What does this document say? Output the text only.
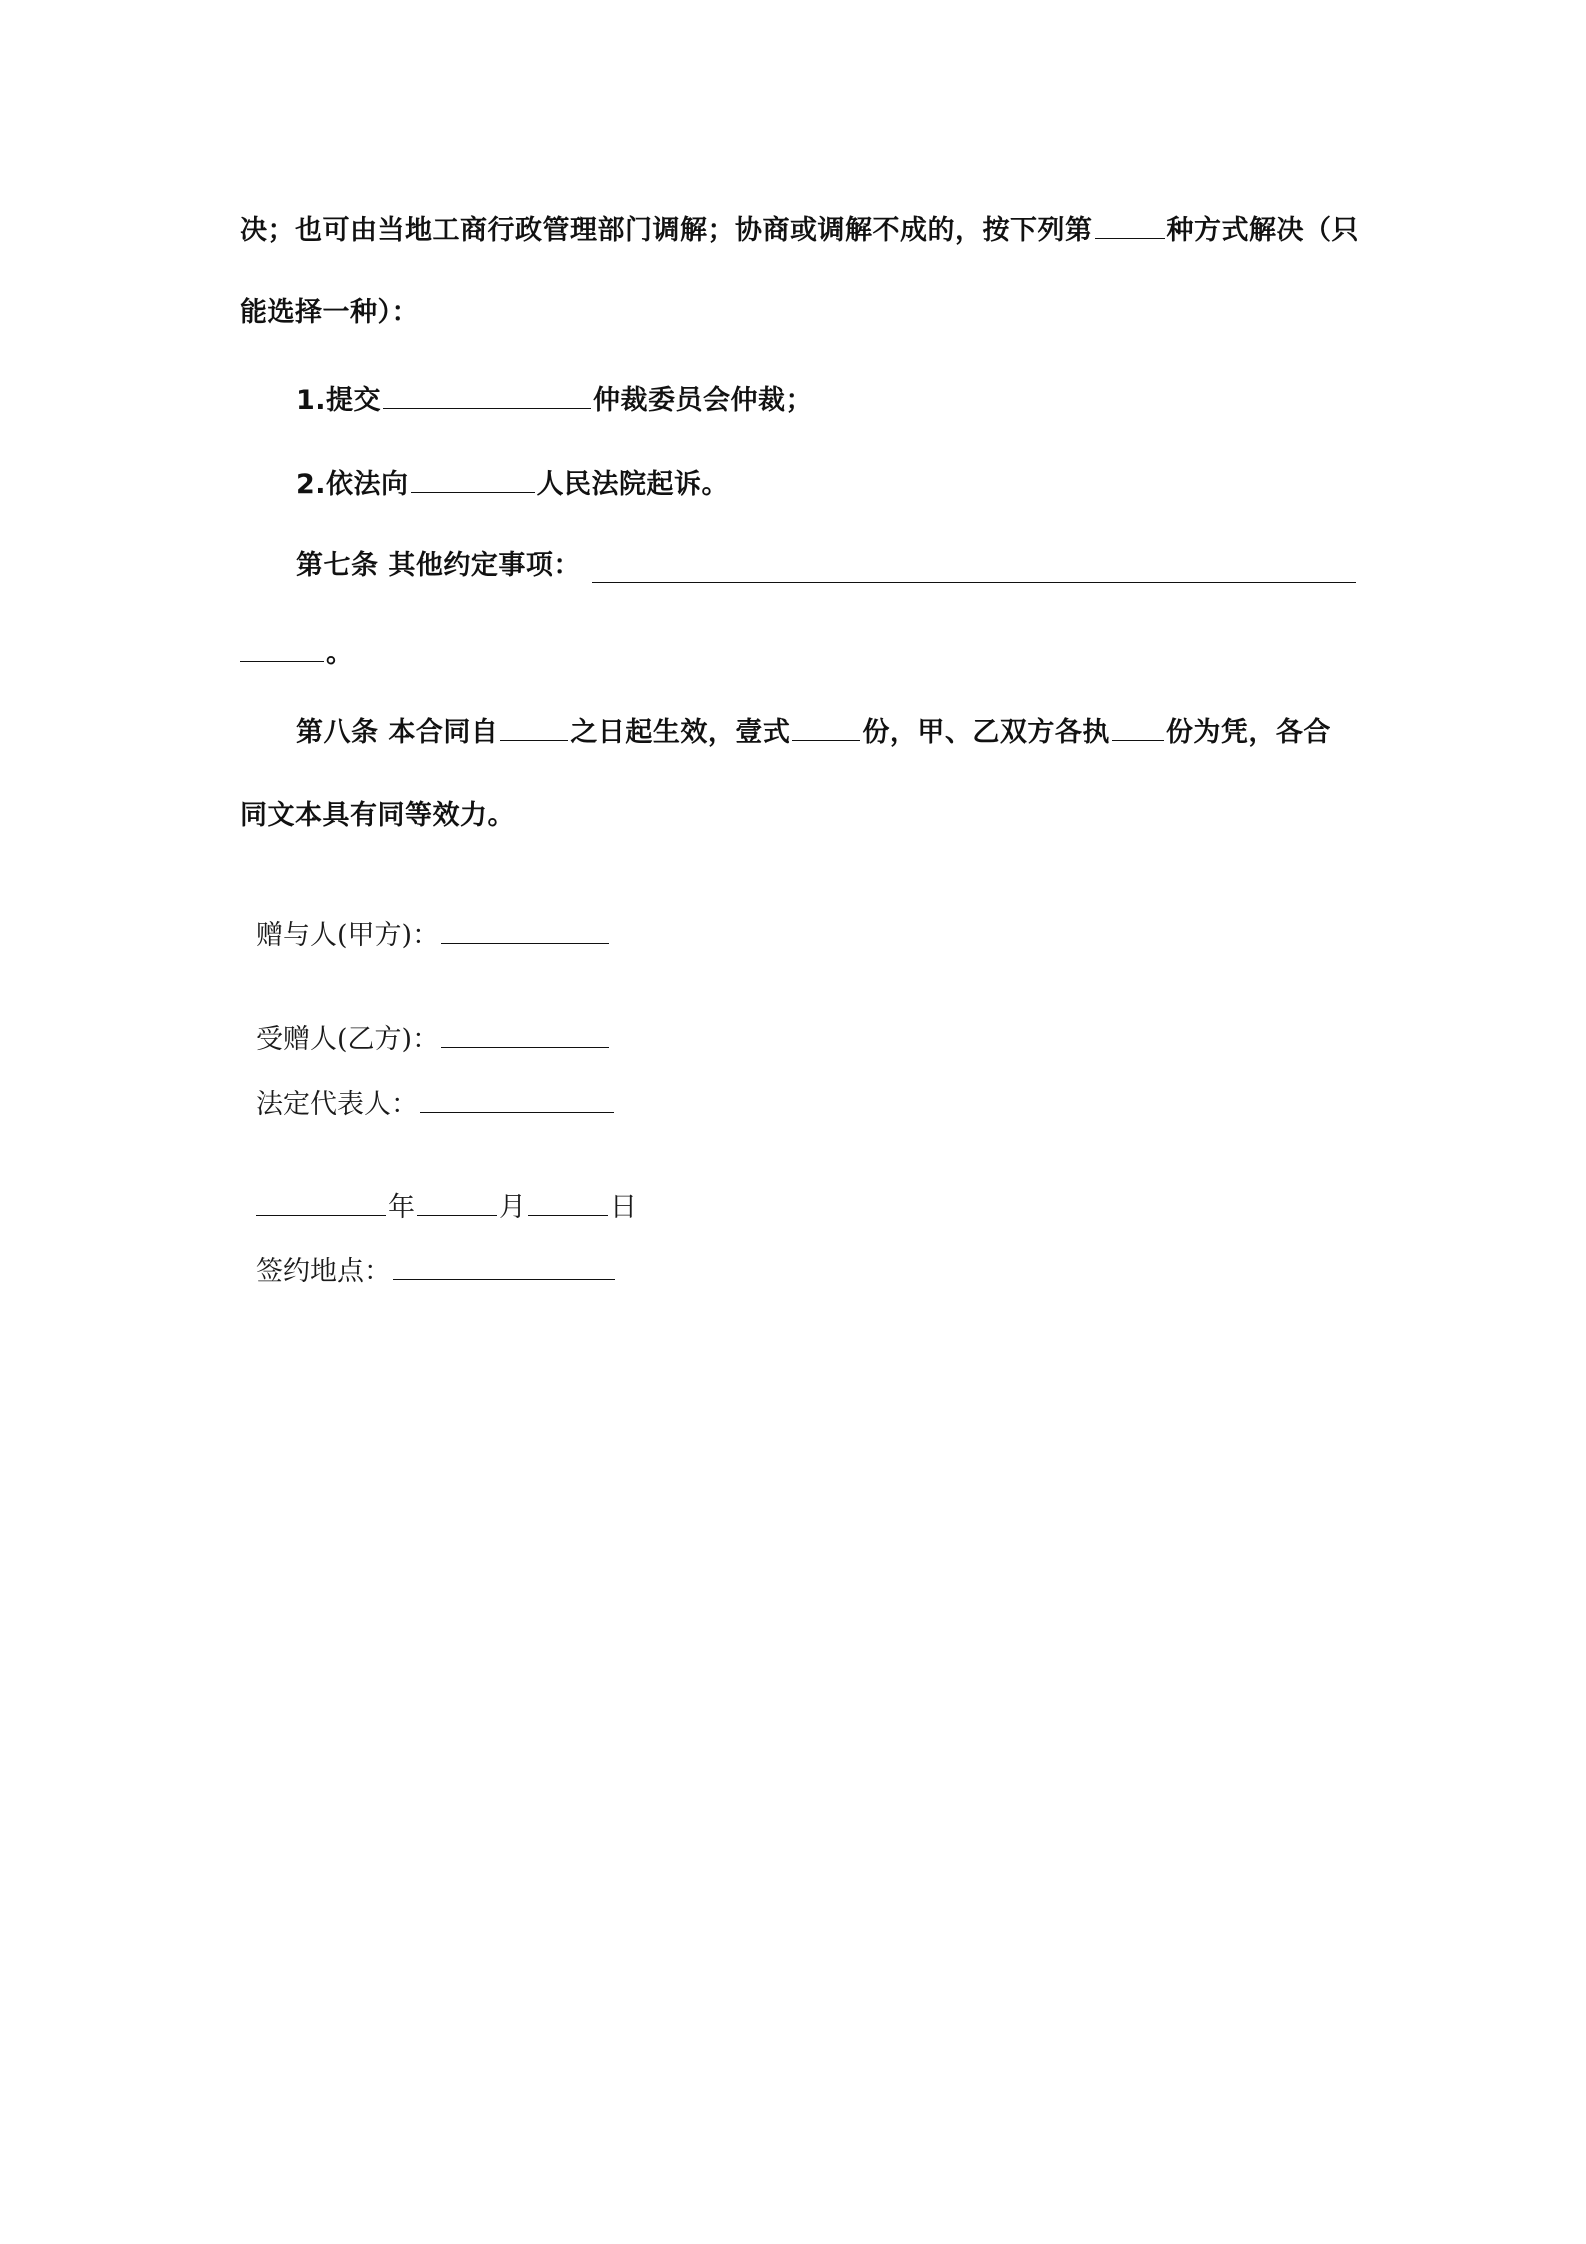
决；也可由当地工商行政管理部门调解；协商或调解不成的，按下列第	种方式解决（只
能选择一种）：
1.提交	仲裁委员会仲裁；
2.依法向	人民法院起诉。
第七条 其他约定事项：
。
第八条 本合同自	之日起生效，壹式	份，甲、乙双方各执 份为凭，各合
同文本具有同等效力。
赠与人(甲方)：
受赠人(乙方)：
法定代表人：
年	月	日
签约地点：
